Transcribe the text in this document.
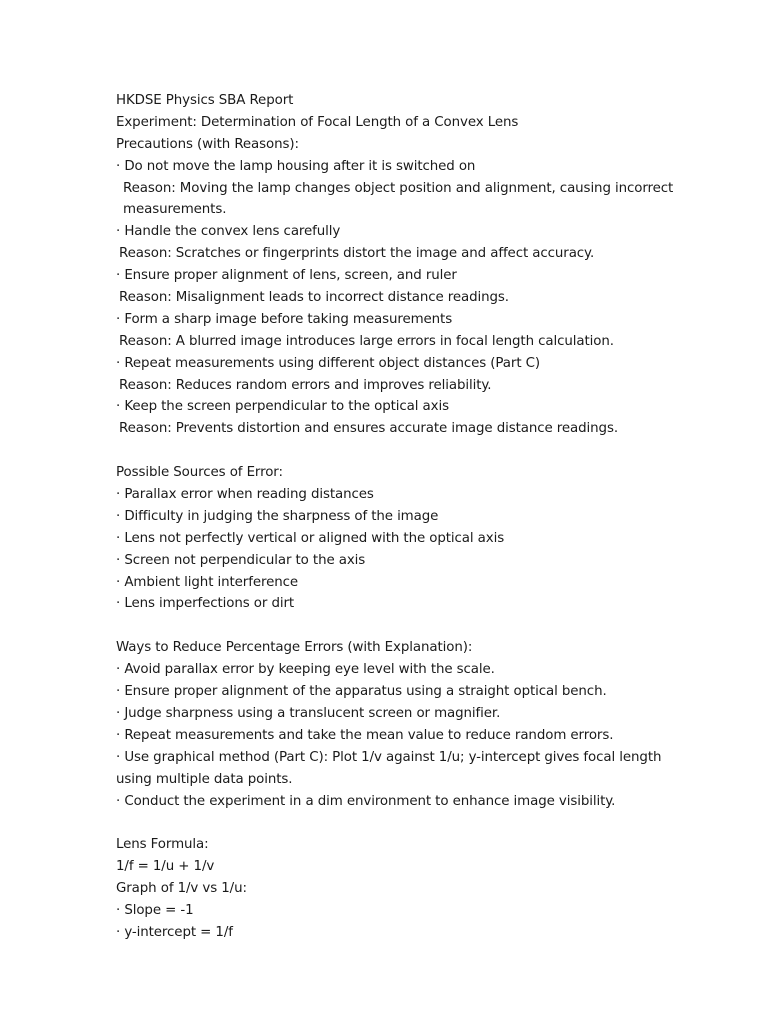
HKDSE Physics SBA Report
Experiment: Determination of Focal Length of a Convex Lens
Precautions (with Reasons):
· Do not move the lamp housing after it is switched on
Reason: Moving the lamp changes object position and alignment, causing incorrect
measurements.
· Handle the convex lens carefully
Reason: Scratches or fingerprints distort the image and affect accuracy.
· Ensure proper alignment of lens, screen, and ruler
Reason: Misalignment leads to incorrect distance readings.
· Form a sharp image before taking measurements
Reason: A blurred image introduces large errors in focal length calculation.
· Repeat measurements using different object distances (Part C)
Reason: Reduces random errors and improves reliability.
· Keep the screen perpendicular to the optical axis
Reason: Prevents distortion and ensures accurate image distance readings.
Possible Sources of Error:
· Parallax error when reading distances
· Difficulty in judging the sharpness of the image
· Lens not perfectly vertical or aligned with the optical axis
· Screen not perpendicular to the axis
· Ambient light interference
· Lens imperfections or dirt
Ways to Reduce Percentage Errors (with Explanation):
· Avoid parallax error by keeping eye level with the scale.
· Ensure proper alignment of the apparatus using a straight optical bench.
· Judge sharpness using a translucent screen or magnifier.
· Repeat measurements and take the mean value to reduce random errors.
· Use graphical method (Part C): Plot 1/v against 1/u; y-intercept gives focal length
using multiple data points.
· Conduct the experiment in a dim environment to enhance image visibility.
Lens Formula:
1/f = 1/u + 1/v
Graph of 1/v vs 1/u:
· Slope = -1
· y-intercept = 1/f
